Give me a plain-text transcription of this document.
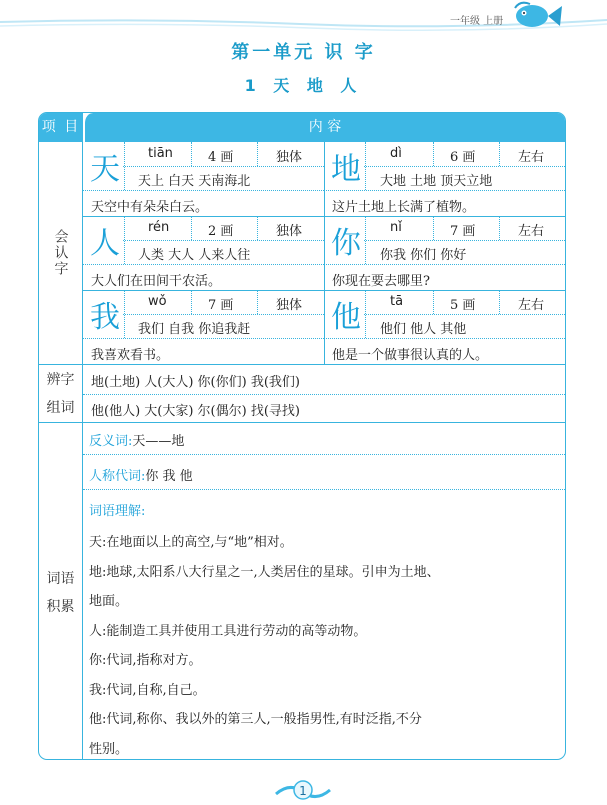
一年级 上册
第一单元 识 字
1 天 地 人
项 目	内 容
会认字
辨字
组词
词语
积累
天	tiān	4 画	独体
天上 白天 天南海北
天空中有朵朵白云。
地	dì	6 画	左右
大地 土地 顶天立地
这片土地上长满了植物。
人	rén	2 画	独体
人类 大人 人来人往
大人们在田间干农活。
你	nǐ	7 画	左右
你我 你们 你好
你现在要去哪里?
我	wǒ	7 画	独体
我们 自我 你追我赶
我喜欢看书。
他	tā	5 画	左右
他们 他人 其他
他是一个做事很认真的人。
地(土地) 人(大人) 你(你们) 我(我们)
他(他人) 大(大家) 尔(偶尔) 找(寻找)
反义词:天——地
人称代词:你 我 他
词语理解:
天:在地面以上的高空,与“地”相对。
地:地球,太阳系八大行星之一,人类居住的星球。引申为土地、
地面。
人:能制造工具并使用工具进行劳动的高等动物。
你:代词,指称对方。
我:代词,自称,自己。
他:代词,称你、我以外的第三人,一般指男性,有时泛指,不分
性别。
1
